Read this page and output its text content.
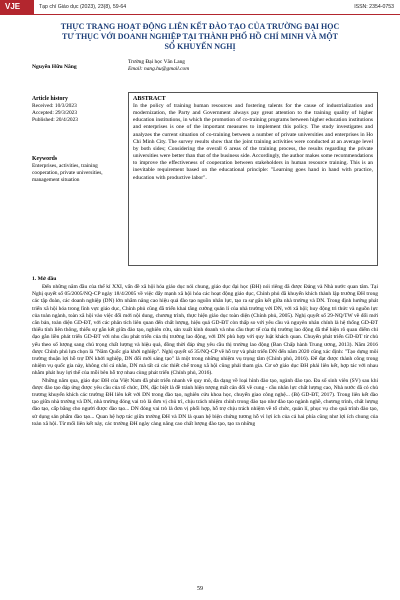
VJE	Tạp chí Giáo dục (2023), 23(8), 59-64	ISSN: 2354-0753
THỰC TRẠNG HOẠT ĐỘNG LIÊN KẾT ĐÀO TẠO CỦA TRƯỜNG ĐẠI HỌC TƯ THỤC VỚI DOANH NGHIỆP TẠI THÀNH PHỐ HỒ CHÍ MINH VÀ MỘT SỐ KHUYẾN NGHỊ
Nguyễn Hữu Năng
Trường Đại học Văn Lang
Email: nang.hu@gmail.com
Article history
Received: 10/3/2023
Accepted: 29/3/2023
Published: 20/4/2023
Keywords
Enterprises, activities, training cooperation, private universities, management situation
ABSTRACT
In the policy of training human resources and fostering talents for the cause of industrialization and modernization, the Party and Government always pay great attention to the training quality of higher education institutions, in which the promotion of co-training programs between higher education institutions and enterprises is one of the important measures to implement this policy. The study investigates and analyzes the current situation of co-training between a number of private universities and enterprises in Ho Chi Minh City. The survey results show that the joint training activities were conducted at an average level by both sides; Considering the overall 6 areas of the training process, the results regarding the private universities were better than that of the business side. Accordingly, the author makes some recommendations to improve the effectiveness of cooperation between stakeholders in human resource training. This is an inevitable requirement based on the educational principle: "Learning goes hand in hand with practice, education with productive labor".
1. Mở đầu

Đến những năm đầu của thế kỉ XXI, vấn đề xã hội hóa giáo dục nói chung, giáo dục đại học (ĐH) nói riêng đã được Đảng và Nhà nước quan tâm. Tại Nghị quyết số 05/2005/NQ-CP ngày 18/4/2005 về việc đẩy mạnh xã hội hóa các hoạt động giáo dục, Chính phủ đã khuyến khích thành lập trường ĐH trong các tập đoàn, các doanh nghiệp (DN) lớn nhằm nâng cao hiệu quả đào tạo nguồn nhân lực, tạo ra sự gắn kết giữa nhà trường và DN. Trong định hướng phát triển xã hội hóa trong lĩnh vực giáo dục, Chính phủ cũng đã triển khai tăng cường quản lí của nhà trường với DN, với xã hội; huy động tri thức và nguồn lực của toàn ngành, toàn xã hội vào việc đổi mới nội dung, chương trình, thực hiện giáo dục toàn diện (Chính phủ, 2005). Nghị quyết số 29-NQ/TW về đổi mới căn bản, toàn diện GD-ĐT, với các phân tích liên quan đến chất lượng, hiệu quả GD-ĐT còn thấp so với yêu cầu và nguyên nhân chính là hệ thống GD-ĐT thiếu tính liên thông, thiếu sự gắn kết giữa đào tạo, nghiên cứu, sản xuất kinh doanh và nhu cầu thực tế của thị trường lao động đã thể hiện rõ quan điểm chỉ đạo gắn liền phát triển GD-ĐT với nhu cầu phát triển của thị trường lao động, với DN phù hợp với quy luật khách quan. Chuyển phát triển GD-ĐT từ chủ yếu theo số lượng sang chú trọng chất lượng và hiệu quả, đồng thời đáp ứng yêu cầu thị trường lao động (Ban Chấp hành Trung ương, 2013). Năm 2016 được Chính phủ lựa chọn là "Năm Quốc gia khởi nghiệp". Nghị quyết số 35/NQ-CP về hỗ trợ và phát triển DN đến năm 2020 cũng xác định: "Tạo dựng môi trường thuận lợi hỗ trợ DN khởi nghiệp, DN đổi mới sáng tạo" là một trong những nhiệm vụ trọng tâm (Chính phủ, 2016). Để đạt được thành công trong nhiệm vụ quốc gia này, không chỉ cá nhân, DN mà tất cả các thiết chế trong xã hội cũng phải tham gia. Cơ sở giáo dục ĐH phải liên kết, hợp tác với nhau nhằm phát huy lợi thế của mỗi bên hỗ trợ nhau cùng phát triển (Chính phủ, 2016).

Những năm qua, giáo dục ĐH của Việt Nam đã phát triển nhanh về quy mô, đa dạng về loại hình đào tạo, ngành đào tạo. Đa số sinh viên (SV) sau khi được đào tạo đáp ứng được yêu cầu của tổ chức, DN, đặc biệt là đề tránh hiện tượng mất cân đối về cung - cầu nhân lực chất lượng cao, Nhà nước đã có chủ trương khuyến khích các trường ĐH liên kết với DN trong đào tạo, nghiên cứu khoa học, chuyển giao công nghệ... (Bộ GD-ĐT, 2017). Trong liên kết đào tạo giữa nhà trường và DN, nhà trường đóng vai trò là đơn vị chủ trì, chịu trách nhiệm chính trong đào tạo như đào tạo ngành nghề, chương trình, chất lượng đào tạo, cấp bằng cho người được đào tạo... DN đóng vai trò là đơn vị phối hợp, hỗ trợ chịu trách nhiệm về tổ chức, quản lí, phục vụ cho quá trình đào tạo, sử dụng sản phẩm đào tạo... Quan hệ hợp tác giữa trường ĐH và DN là quan hệ biện chứng tương hỗ vì lợi ích của cả hai phía cũng như lợi ích chung của toàn xã hội. Từ mối liên kết này, các trường ĐH ngày càng nâng cao chất lượng đào tạo, tạo ra những

59
